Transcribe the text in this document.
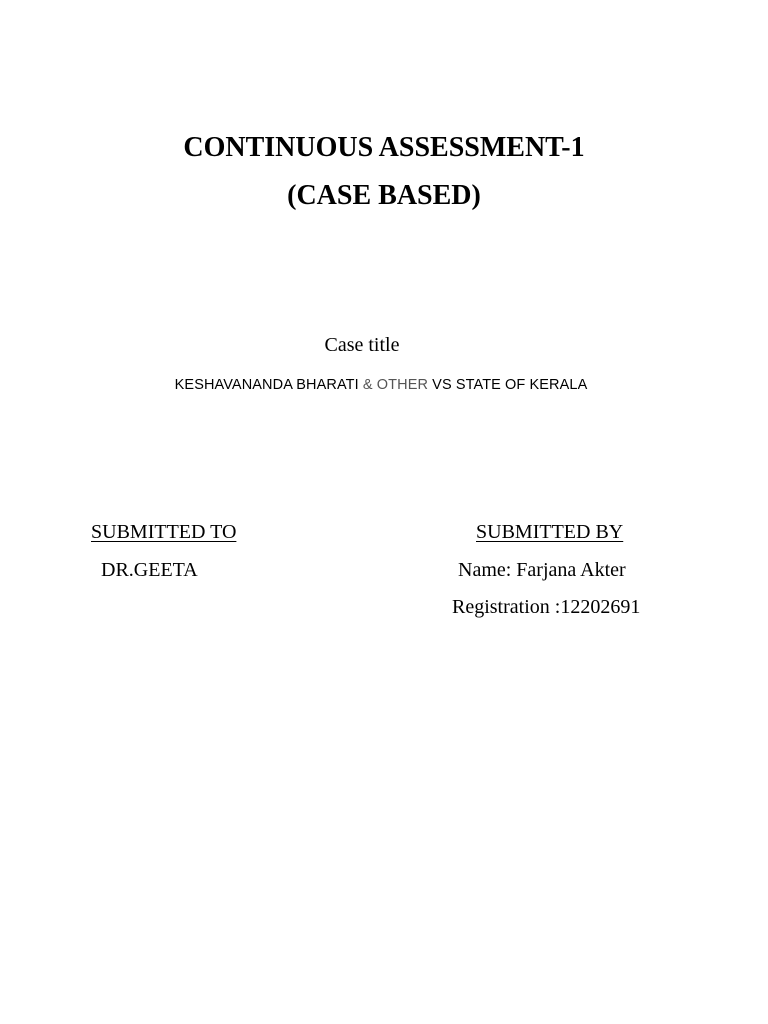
CONTINUOUS ASSESSMENT-1
(CASE BASED)
Case title
KESHAVANANDA BHARATI & OTHER VS STATE OF KERALA
SUBMITTED TO
DR.GEETA
SUBMITTED BY
Name: Farjana Akter
Registration :12202691
